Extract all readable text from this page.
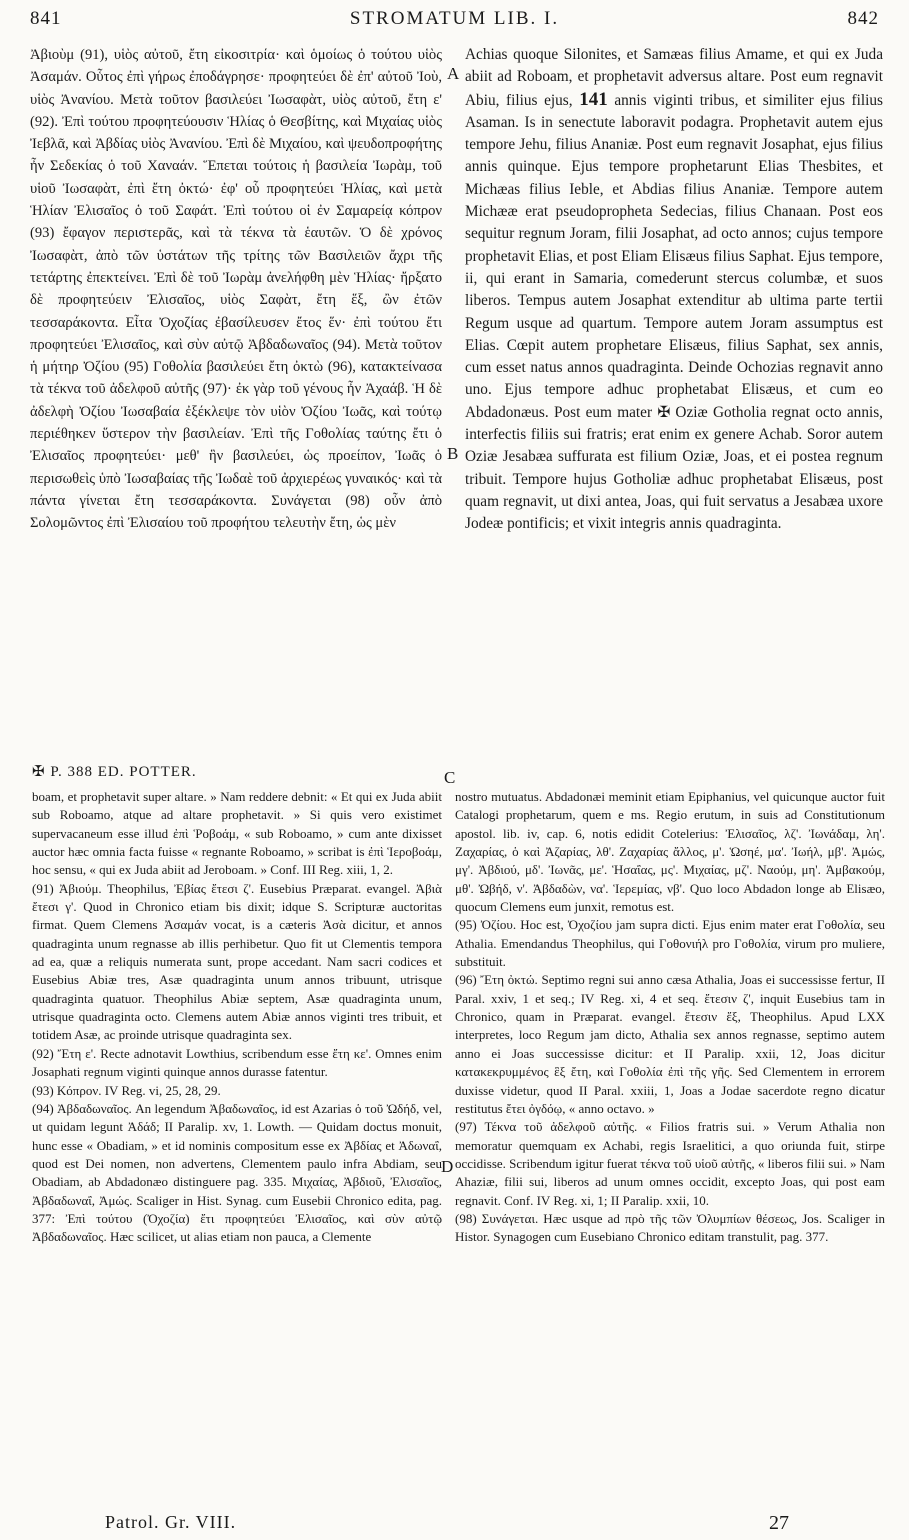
841	STROMATUM LIB. I.	842

Ἀβιοὺμ (91), υἱὸς αὐτοῦ, ἔτη εἰκοσιτρία· καὶ ὁμοίως ὁ τούτου υἱὸς Ἀσαμάν. Οὗτος ἐπὶ γήρως ἐποδάγρησε· προφητεύει δὲ ἐπ' αὐτοῦ Ἰοὺ, υἱὸς Ἀνανίου. Μετὰ τοῦτον βασιλεύει Ἰωσαφὰτ, υἱὸς αὐτοῦ, ἔτη ε' (92). Ἐπὶ τούτου προφητεύουσιν Ἡλίας ὁ Θεσβίτης, καὶ Μιχαίας υἱὸς Ἰεβλᾶ, καὶ Ἀβδίας υἱὸς Ἀνανίου. Ἐπὶ δὲ Μιχαίου, καὶ ψευδοπροφήτης ἦν Σεδεκίας ὁ τοῦ Χαναάν. Ἕπεται τούτοις ἡ βασιλεία Ἰωρὰμ, τοῦ υἱοῦ Ἰωσαφὰτ, ἐπὶ ἔτη ὀκτώ· ἐφ' οὗ προφητεύει Ἡλίας, καὶ μετὰ Ἡλίαν Ἐλισαῖος ὁ τοῦ Σαφάτ. Ἐπὶ τούτου οἱ ἐν Σαμαρείᾳ κόπρον (93) ἔφαγον περιστερᾶς, καὶ τὰ τέκνα τὰ ἑαυτῶν. Ὁ δὲ χρόνος Ἰωσαφὰτ, ἀπὸ τῶν ὑστάτων τῆς τρίτης τῶν Βασιλειῶν ἄχρι τῆς τετάρτης ἐπεκτείνει. Ἐπὶ δὲ τοῦ Ἰωρὰμ ἀνελήφθη μὲν Ἡλίας· ἤρξατο δὲ προφητεύειν Ἐλισαῖος, υἱὸς Σαφὰτ, ἔτη ἕξ, ὢν ἐτῶν τεσσαράκοντα. Εἶτα Ὀχοζίας ἐβασίλευσεν ἔτος ἕν· ἐπὶ τούτου ἔτι προφητεύει Ἐλισαῖος, καὶ σὺν αὐτῷ Ἀβδαδωναῖος (94). Μετὰ τοῦτον ἡ μήτηρ Ὀζίου (95) Γοθολία βασιλεύει ἔτη ὀκτὼ (96), κατακτείνασα τὰ τέκνα τοῦ ἀδελφοῦ αὐτῆς (97)· ἐκ γὰρ τοῦ γένους ἦν Ἀχαάβ. Ἡ δὲ ἀδελφὴ Ὀζίου Ἰωσαβαία ἐξέκλεψε τὸν υἱὸν Ὀζίου Ἰωᾶς, καὶ τούτῳ περιέθηκεν ὕστερον τὴν βασιλείαν. Ἐπὶ τῆς Γοθολίας ταύτης ἔτι ὁ Ἐλισαῖος προφητεύει· μεθ' ἣν βασιλεύει, ὡς προείπον, Ἰωᾶς ὁ περισωθεὶς ὑπὸ Ἰωσαβαίας τῆς Ἰωδαὲ τοῦ ἀρχιερέως γυναικός· καὶ τὰ πάντα γίνεται ἔτη τεσσαράκοντα. Συνάγεται (98) οὖν ἀπὸ Σολομῶντος ἐπὶ Ἐλισαίου τοῦ προφήτου τελευτὴν ἔτη, ὡς μὲν

A
B
C
D

Achias quoque Silonites, et Samæas filius Amame, et qui ex Juda abiit ad Roboam, et prophetavit adversus altare. Post eum regnavit Abiu, filius ejus, 141 annis viginti tribus, et similiter ejus filius Asaman. Is in senectute laboravit podagra. Prophetavit autem ejus tempore Jehu, filius Ananiæ. Post eum regnavit Josaphat, ejus filius annis quinque. Ejus tempore prophetarunt Elias Thesbites, et Michæas filius Ieble, et Abdias filius Ananiæ. Tempore autem Michææ erat pseudopropheta Sedecias, filius Chanaan. Post eos sequitur regnum Joram, filii Josaphat, ad octo annos; cujus tempore prophetavit Elias, et post Eliam Elisæus filius Saphat. Ejus tempore, ii, qui erant in Samaria, comederunt stercus columbæ, et suos liberos. Tempus autem Josaphat extenditur ab ultima parte tertii Regum usque ad quartum. Tempore autem Joram assumptus est Elias. Cœpit autem prophetare Elisæus, filius Saphat, sex annis, cum esset natus annos quadraginta. Deinde Ochozias regnavit anno uno. Ejus tempore adhuc prophetabat Elisæus, et cum eo Abdadonæus. Post eum mater ✠ Oziæ Gotholia regnat octo annis, interfectis filiis sui fratris; erat enim ex genere Achab. Soror autem Oziæ Jesabæa suffurata est filium Oziæ, Joas, et ei postea regnum tribuit. Tempore hujus Gotholiæ adhuc prophetabat Elisæus, post quam regnavit, ut dixi antea, Joas, qui fuit servatus a Jesabæa uxore Jodeæ pontificis; et vixit integris annis quadraginta.

✠ P. 388 ED. POTTER.

boam, et prophetavit super altare. » Nam reddere debnit: « Et qui ex Juda abiit sub Roboamo, atque ad altare prophetavit. » Si quis vero existimet supervacaneum esse illud ἐπὶ Ῥοβοάμ, « sub Roboamo, » cum ante dixisset auctor hæc omnia facta fuisse « regnante Roboamo, » scribat is ἐπὶ Ἱεροβοάμ, hoc sensu, « qui ex Juda abiit ad Jeroboam. » Conf. III Reg. xiii, 1, 2.

(91) Ἀβιούμ. Theophilus, Ἐβίας ἔτεσι ζ'. Eusebius Præparat. evangel. Ἀβιὰ ἔτεσι γ'. Quod in Chronico etiam bis dixit; idque S. Scripturæ auctoritas firmat. Quem Clemens Ἀσαμάν vocat, is a cæteris Ἀσὰ dicitur, et annos quadraginta unum regnasse ab illis perhibetur. Quo fit ut Clementis tempora ad ea, quæ a reliquis numerata sunt, prope accedant. Nam sacri codices et Eusebius Abiæ tres, Asæ quadraginta unum annos tribuunt, utrisque quadraginta quatuor. Theophilus Abiæ septem, Asæ quadraginta unum, utrisque quadraginta octo. Clemens autem Abiæ annos viginti tres tribuit, et totidem Asæ, ac proinde utrisque quadraginta sex.

(92) Ἔτη ε'. Recte adnotavit Lowthius, scribendum esse ἔτη κε'. Omnes enim Josaphati regnum viginti quinque annos durasse fatentur.

(93) Κόπρον. IV Reg. vi, 25, 28, 29.

(94) Ἀβδαδωναῖος. An legendum Ἀβαδωναῖος, id est Azarias ὁ τοῦ Ὠδήδ, vel, ut quidam legunt Ἀδάδ; II Paralip. xv, 1. Lowth. — Quidam doctus monuit, hunc esse « Obadiam, » et id nominis compositum esse ex Ἀβδίας et Ἀδωναΐ, quod est Dei nomen, non advertens, Clementem paulo infra Abdiam, seu Obadiam, ab Abdadonæo distinguere pag. 335. Μιχαίας, Ἀβδιοῦ, Ἐλισαῖος, Ἀβδαδωναΐ, Ἀμώς. Scaliger in Hist. Synag. cum Eusebii Chronico edita, pag. 377: Ἐπὶ τούτου (Ὀχοζία) ἔτι προφητεύει Ἐλισαῖος, καὶ σὺν αὐτῷ Ἀβδαδωναῖος. Hæc scilicet, ut alias etiam non pauca, a Clemente

nostro mutuatus. Abdadonæi meminit etiam Epiphanius, vel quicunque auctor fuit Catalogi prophetarum, quem e ms. Regio erutum, in suis ad Constitutionum apostol. lib. iv, cap. 6, notis edidit Cotelerius: Ἐλισαῖος, λζ'. Ἰωνάδαμ, λη'. Ζαχαρίας, ὁ καὶ Ἀζαρίας, λθ'. Ζαχαρίας ἄλλος, μ'. Ὡσηέ, μα'. Ἰωήλ, μβ'. Ἀμώς, μγ'. Ἀβδιού, μδ'. Ἰωνᾶς, με'. Ἡσαΐας, μς'. Μιχαίας, μζ'. Ναούμ, μη'. Ἀμβακούμ, μθ'. Ὠβήδ, ν'. Ἀβδαδὼν, να'. Ἱερεμίας, νβ'. Quo loco Abdadon longe ab Elisæo, quocum Clemens eum junxit, remotus est.

(95) Ὀζίου. Hoc est, Ὀχοζίου jam supra dicti. Ejus enim mater erat Γοθολία, seu Athalia. Emendandus Theophilus, qui Γοθονιήλ pro Γοθολία, virum pro muliere, substituit.

(96) Ἔτη ὀκτώ. Septimo regni sui anno cæsa Athalia, Joas ei successisse fertur, II Paral. xxiv, 1 et seq.; IV Reg. xi, 4 et seq. ἔτεσιν ζ', inquit Eusebius tam in Chronico, quam in Præparat. evangel. ἔτεσιν ἕξ, Theophilus. Apud LXX interpretes, loco Regum jam dicto, Athalia sex annos regnasse, septimo autem anno ei Joas successisse dicitur: et II Paralip. xxii, 12, Joas dicitur κατακεκρυμμένος ἓξ ἔτη, καὶ Γοθολία ἐπὶ τῆς γῆς. Sed Clementem in errorem duxisse videtur, quod II Paral. xxiii, 1, Joas a Jodae sacerdote regno dicatur restitutus ἔτει ὀγδόῳ, « anno octavo. »

(97) Τέκνα τοῦ ἀδελφοῦ αὐτῆς. « Filios fratris sui. » Verum Athalia non memoratur quemquam ex Achabi, regis Israelitici, a quo oriunda fuit, stirpe occidisse. Scribendum igitur fuerat τέκνα τοῦ υἱοῦ αὐτῆς, « liberos filii sui. » Nam Ahaziæ, filii sui, liberos ad unum omnes occidit, excepto Joas, qui post eam regnavit. Conf. IV Reg. xi, 1; II Paralip. xxii, 10.

(98) Συνάγεται. Hæc usque ad πρὸ τῆς τῶν Ὀλυμπίων θέσεως, Jos. Scaliger in Histor. Synagogen cum Eusebiano Chronico editam transtulit, pag. 377.

Patrol. Gr. VIII.	27
